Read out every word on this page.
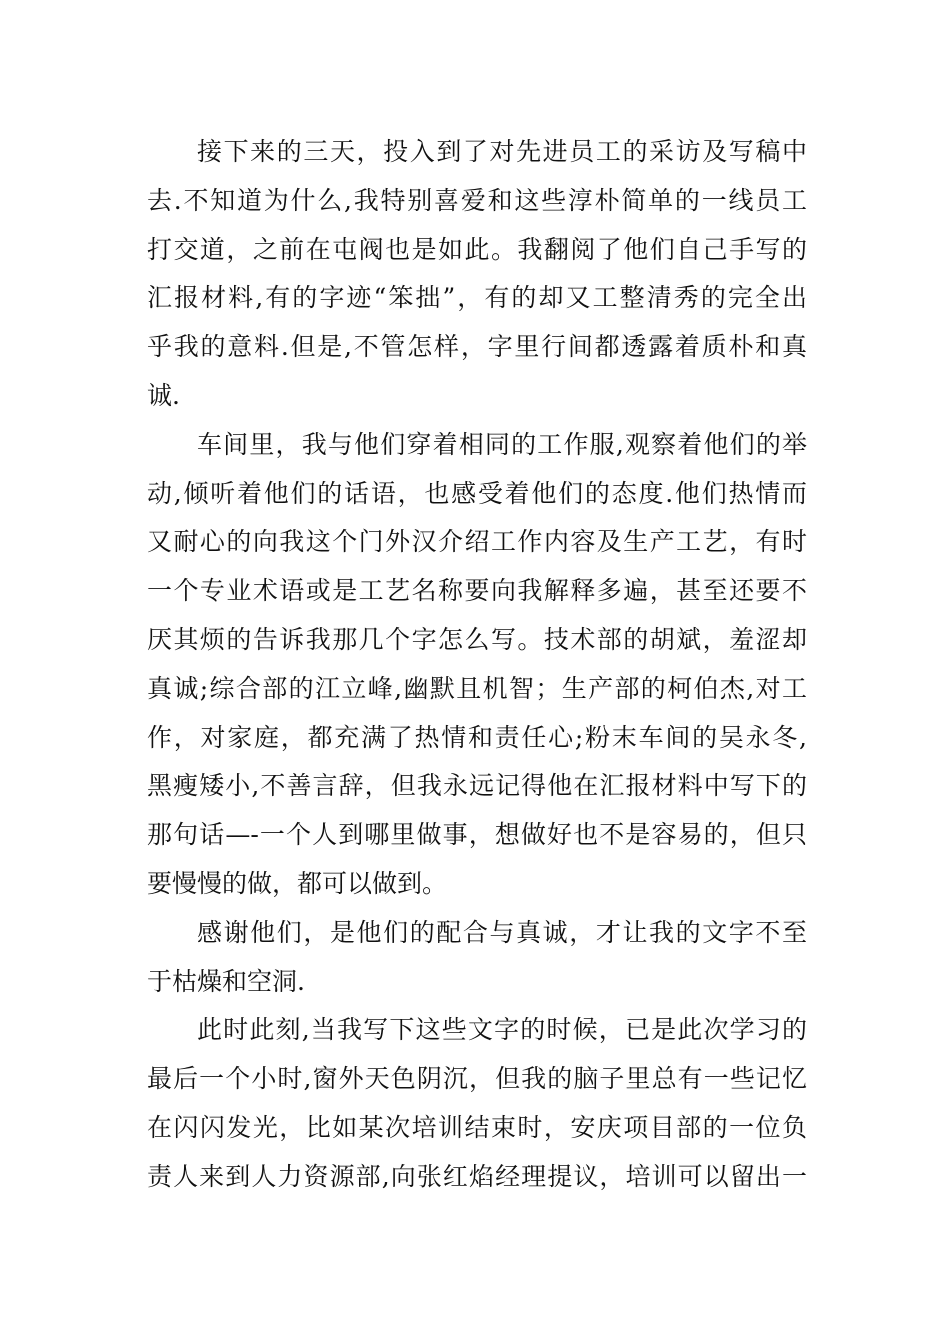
接下来的三天，投入到了对先进员工的采访及写稿中
去.不知道为什么,我特别喜爱和这些淳朴简单的一线员工
打交道，之前在屯阀也是如此。我翻阅了他们自己手写的
汇报材料,有的字迹“笨拙”，有的却又工整清秀的完全出
乎我的意料.但是,不管怎样，字里行间都透露着质朴和真
诚.
车间里，我与他们穿着相同的工作服,观察着他们的举
动,倾听着他们的话语，也感受着他们的态度.他们热情而
又耐心的向我这个门外汉介绍工作内容及生产工艺，有时
一个专业术语或是工艺名称要向我解释多遍，甚至还要不
厌其烦的告诉我那几个字怎么写。技术部的胡斌，羞涩却
真诚;综合部的江立峰,幽默且机智；生产部的柯伯杰,对工
作，对家庭，都充满了热情和责任心;粉末车间的吴永冬,
黑瘦矮小,不善言辞，但我永远记得他在汇报材料中写下的
那句话—-一个人到哪里做事，想做好也不是容易的，但只
要慢慢的做，都可以做到。
感谢他们，是他们的配合与真诚，才让我的文字不至
于枯燥和空洞.
此时此刻,当我写下这些文字的时候，已是此次学习的
最后一个小时,窗外天色阴沉，但我的脑子里总有一些记忆
在闪闪发光，比如某次培训结束时，安庆项目部的一位负
责人来到人力资源部,向张红焰经理提议，培训可以留出一
